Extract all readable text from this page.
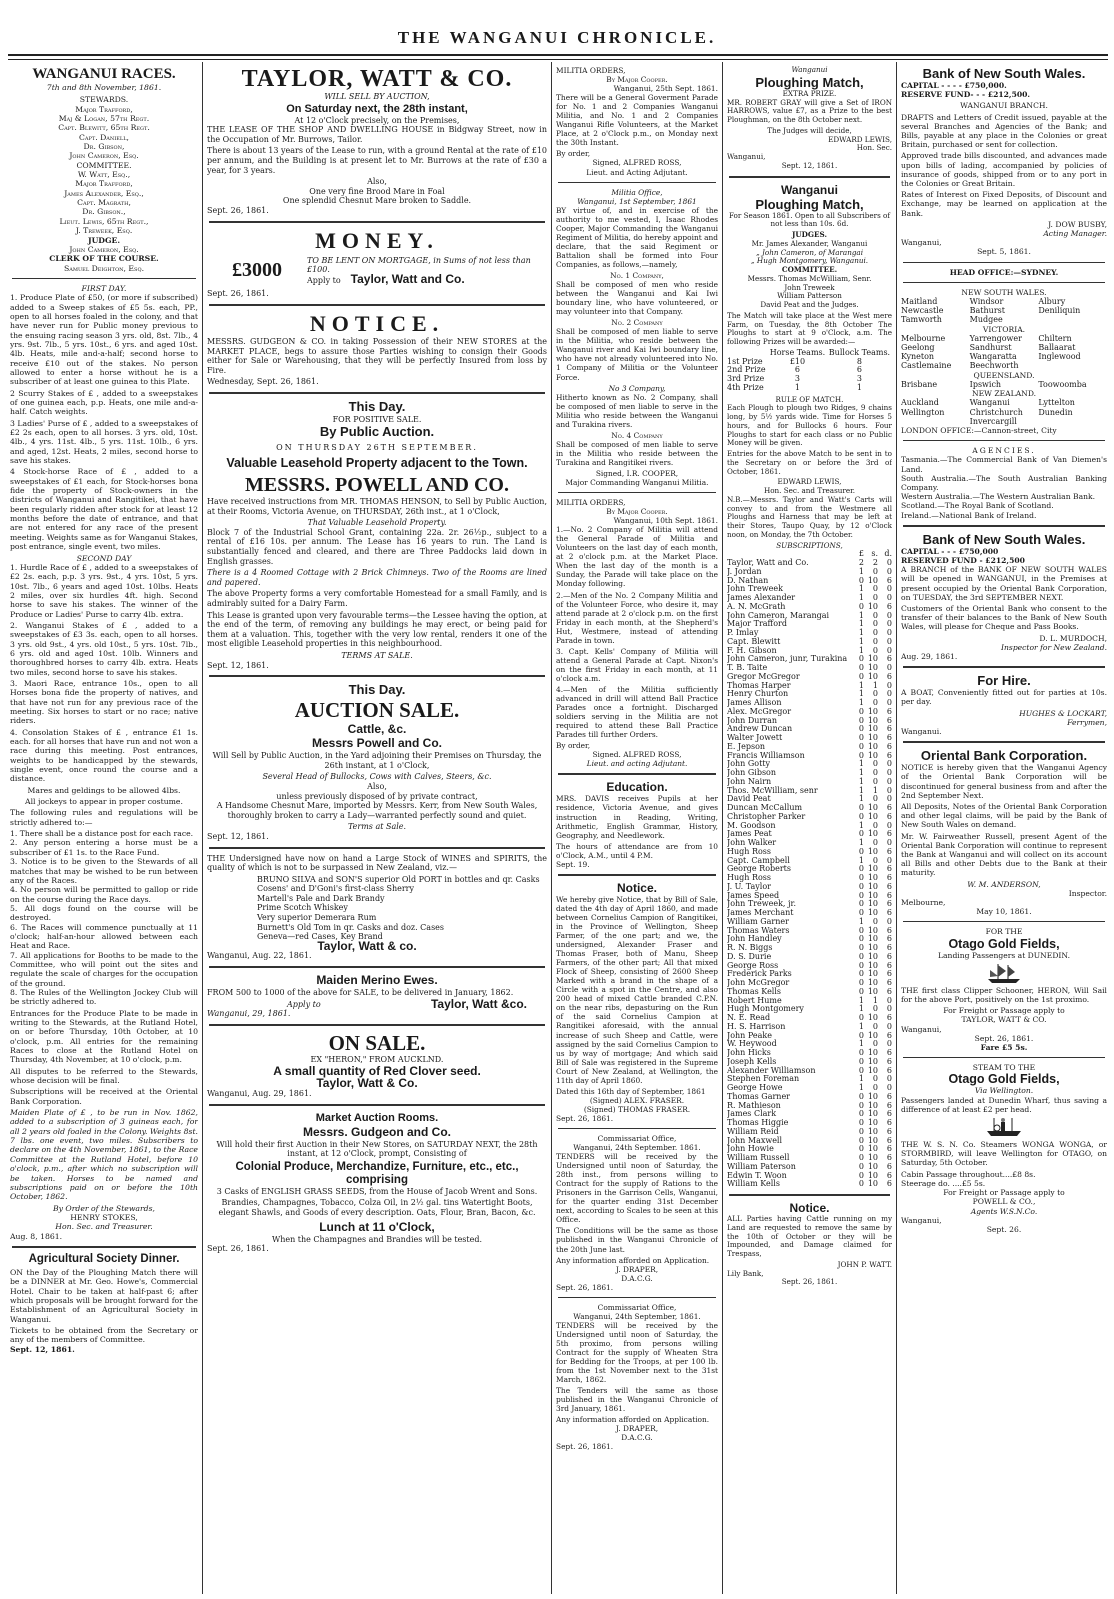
THE WANGANUI CHRONICLE.
WANGANUI RACES.
7th and 8th November, 1861.
STEWARDS.
Major Trafford,
Maj & Logan, 57th Regt.
Capt. Blewitt, 65th Regt.
Capt. Daniell,
Dr. Gibson,
John Cameron, Esq.
COMMITTEE.
W. Watt, Esq.,
Major Trafford,
James Alexander, Esq.,
Capt. Magrath,
Dr. Gibson.,
Lieut. Lewis, 65th Regt.,
J. Treweek, Esq.
JUDGE.
John Cameron, Esq.
CLERK OF THE COURSE.
Samuel Deighton, Esq.
FIRST DAY.
1. Produce Plate of £50, (or more if subscribed) added to a Sweep stakes of £5 5s. each, PP., open to all horses foaled in the colony, and that have never run for Public money previous to the ensuing racing season 3 yrs. old, 8st. 7lb., 4 yrs. 9st. 7lb., 5 yrs. 10st., 6 yrs. and aged 10st. 4lb. Heats, mile and-a-half; second horse to receive £10 out of the stakes. No person allowed to enter a horse without he is a subscriber of at least one guinea to this Plate.
2 Scurry Stakes of £ , added to a sweepstakes of one guinea each, p.p. Heats, one mile and-a-half. Catch weights.
3 Ladies' Purse of £ , added to a sweepstakes of £2 2s each, open to all horses. 3 yrs. old, 10st. 4lb., 4 yrs. 11st. 4lb., 5 yrs. 11st. 10lb., 6 yrs. and aged, 12st. Heats, 2 miles, second horse to save his stakes.
4 Stock-horse Race of £ , added to a sweepstakes of £1 each, for Stock-horses bona fide the property of Stock-owners in the districts of Wanganui and Rangitikei, that have been regularly ridden after stock for at least 12 months before the date of entrance, and that are not entered for any race of the present meeting. Weights same as for Wanganui Stakes, post entrance, single event, two miles.
SECOND DAY
1. Hurdle Race of £ , added to a sweepstakes of £2 2s. each, p.p. 3 yrs. 9st., 4 yrs. 10st, 5 yrs. 10st. 7lb., 6 years and aged 10st. 10lbs. Heats 2 miles, over six hurdles 4ft. high. Second horse to save his stakes. The winner of the Produce or Ladies' Purse to carry 4lb. extra.
2. Wanganui Stakes of £ , added to a sweepstakes of £3 3s. each, open to all horses. 3 yrs. old 9st., 4 yrs. old 10st., 5 yrs. 10st. 7lb., 6 yrs. old and aged 10st. 10lb. Winners and thoroughbred horses to carry 4lb. extra. Heats two miles, second horse to save his stakes.
3. Maori Race, entrance 10s., open to all Horses bona fide the property of natives, and that have not run for any previous race of the meeting. Six horses to start or no race; native riders.
4. Consolation Stakes of £ , entrance £1 1s. each. for all horses that have run and not won a race during this meeting. Post entrances, weights to be handicapped by the stewards, single event, once round the course and a distance.
Mares and geldings to be allowed 4lbs.
All jockeys to appear in proper costume.
The following rules and regulations will be strictly adhered to:—
1. There shall be a distance post for each race.
2. Any person entering a horse must be a subscriber of £1 1s. to the Race Fund.
3. Notice is to be given to the Stewards of all matches that may be wished to be run between any of the Races.
4. No person will be permitted to gallop or ride on the course during the Race days.
5. All dogs found on the course will be destroyed.
6. The Races will commence punctually at 11 o'clock; half-an-hour allowed between each Heat and Race.
7. All applications for Booths to be made to the Committee, who will point out the sites and regulate the scale of charges for the occupation of the ground.
8. The Rules of the Wellington Jockey Club will be strictly adhered to.
Entrances for the Produce Plate to be made in writing to the Stewards, at the Rutland Hotel, on or before Thursday, 10th October, at 10 o'clock, p.m. All entries for the remaining Races to close at the Rutland Hotel on Thursday, 4th November, at 10 o'clock, p.m.
All disputes to be referred to the Stewards, whose decision will be final.
Subscriptions will be received at the Oriental Bank Corporation.
Maiden Plate of £ , to be run in Nov. 1862, added to a subscription of 3 guineas each, for all 2 years old foaled in the Colony. Weights 8st. 7 lbs. one event, two miles. Subscribers to declare on the 4th November, 1861, to the Race Committee at the Rutland Hotel, before 10 o'clock, p.m., after which no subscription will be taken. Horses to be named and subscriptions paid on or before the 10th October, 1862.
By Order of the Stewards,
HENRY STOKES,
Hon. Sec. and Treasurer.
Aug. 8, 1861.
Agricultural Society Dinner.
ON the Day of the Ploughing Match there will be a DINNER at Mr. Geo. Howe's, Commercial Hotel. Chair to be taken at half-past 6; after which proposals will be brought forward for the Establishment of an Agricultural Society in Wanganui.
Tickets to be obtained from the Secretary or any of the members of Committee.
Sept. 12, 1861.
TAYLOR, WATT & CO.
WILL SELL BY AUCTION,
On Saturday next, the 28th instant,
At 12 o'Clock precisely, on the Premises,
THE LEASE OF THE SHOP AND DWELLING HOUSE in Bidgway Street, now in the Occupation of Mr. Burrows, Tailor.
There is about 13 years of the Lease to run, with a ground Rental at the rate of £10 per annum, and the Building is at present let to Mr. Burrows at the rate of £30 a year, for 3 years.
Also,
One very fine Brood Mare in Foal
One splendid Chesnut Mare broken to Saddle.
Sept. 26, 1861.
MONEY.
£3000	TO BE LENT ON MORTGAGE, in Sums of not less than £100.
Apply to Taylor, Watt and Co.
Sept. 26, 1861.
NOTICE.
MESSRS. GUDGEON & CO. in taking Possession of their NEW STORES at the MARKET PLACE, begs to assure those Parties wishing to consign their Goods either for Sale or Warehousing, that they will be perfectly Insured from loss by Fire.
Wednesday, Sept. 26, 1861.
This Day.
FOR POSITIVE SALE.
By Public Auction.
ON THURSDAY 26TH SEPTEMBER.
Valuable Leasehold Property adjacent to the Town.
MESSRS. POWELL AND CO.
Have received instructions from MR. THOMAS HENSON, to Sell by Public Auction, at their Rooms, Victoria Avenue, on THURSDAY, 26th inst., at 1 o'Clock,
That Valuable Leasehold Property.
Block 7 of the Industrial School Grant, containing 22a. 2r. 26½p., subject to a rental of £16 10s. per annum. The Lease has 16 years to run. The Land is substantially fenced and cleared, and there are Three Paddocks laid down in English grasses.
There is a 4 Roomed Cottage with 2 Brick Chimneys. Two of the Rooms are lined and papered.
The above Property forms a very comfortable Homestead for a small Family, and is admirably suited for a Dairy Farm.
This Lease is granted upon very favourable terms—the Lessee having the option, at the end of the term, of removing any buildings he may erect, or being paid for them at a valuation. This, together with the very low rental, renders it one of the most eligible Leasehold properties in this neighbourhood.
TERMS AT SALE.
Sept. 12, 1861.
This Day.
AUCTION SALE.
Cattle, &c.
Messrs Powell and Co.
Will Sell by Public Auction, in the Yard adjoining their Premises on Thursday, the 26th instant, at 1 o'Clock,
Several Head of Bullocks, Cows with Calves, Steers, &c.
Also,
unless previously disposed of by private contract,
A Handsome Chesnut Mare, imported by Messrs. Kerr, from New South Wales, thoroughly broken to carry a Lady—warranted perfectly sound and quiet.
Terms at Sale.
Sept. 12, 1861.
THE Undersigned have now on hand a Large Stock of WINES and SPIRITS, the quality of which is not to be surpassed in New Zealand, viz.—
BRUNO SILVA and SON'S superior Old PORT in bottles and qr. Casks
Cosens' and D'Goni's first-class Sherry
Martell's Pale and Dark Brandy
Prime Scotch Whiskey
Very superior Demerara Rum
Burnett's Old Tom in qr. Casks and doz. Cases
Geneva—red Cases, Key Brand
Taylor, Watt & co.
Wanganui, Aug. 22, 1861.
Maiden Merino Ewes.
FROM 500 to 1000 of the above for SALE, to be delivered in January, 1862.
Apply to	Taylor, Watt &co.
Wanganui, 29, 1861.
ON SALE.
EX "HERON," FROM AUCKLND.
A small quantity of Red Clover seed.
Taylor, Watt & Co.
Wanganui, Aug. 29, 1861.
Market Auction Rooms.
Messrs. Gudgeon and Co.
Will hold their first Auction in their New Stores, on SATURDAY NEXT, the 28th instant, at 12 o'Clock, prompt, Consisting of
Colonial Produce, Merchandize, Furniture, etc., etc., comprising
3 Casks of ENGLISH GRASS SEEDS, from the House of Jacob Wrent and Sons.
Brandies, Champagnes, Tobacco, Colza Oil, in 2½ gal. tins Watertight Boots, elegant Shawls, and Goods of every description. Oats, Flour, Bran, Bacon, &c.
Lunch at 11 o'Clock,
When the Champagnes and Brandies will be tested.
Sept. 26, 1861.
MILITIA ORDERS,
By Major Cooper.
Wanganui, 25th Sept. 1861.
There will be a General Goverment Parade for No. 1 and 2 Companies Wanganui Militia, and No. 1 and 2 Companies Wanganui Rifle Volunteers, at the Market Place, at 2 o'Clock p.m., on Monday next the 30th Instant.
By order,
Signed, ALFRED ROSS,
Lieut. and Acting Adjutant.
Militia Office,
Wanganui, 1st September, 1861
BY virtue of, and in exercise of the authority to me vested, I, Isaac Rhodes Cooper, Major Commanding the Wanganui Regiment of Militia, do hereby appoint and declare, that the said Regiment or Battalion shall be formed into Four Companies, as follows,—namely,
No. 1 Company,
Shall be composed of men who reside between the Wanganui and Kai Iwi boundary line, who have volunteered, or may volunteer into that Company.
No. 2 Company
Shall be composed of men liable to serve in the Militia, who reside between the Wanganui river and Kai Iwi boundary line, who have not already volunteered into No. 1 Company of Militia or the Volunteer Force.
No 3 Company,
Hitherto known as No. 2 Company, shall be composed of men liable to serve in the Militia who reside between the Wanganui and Turakina rivers.
No. 4 Company
Shall be composed of men liable to serve in the Militia who reside between the Turakina and Rangitikei rivers.
Signed, I.R. COOPER,
Major Commanding Wanganui Militia.
MILITIA ORDERS,
By Major Cooper.
Wanganui, 10th Sept. 1861.
1.—No. 2 Company of Militia will attend the General Parade of Militia and Volunteers on the last day of each month, at 2 o'clock p.m. at the Market Place. When the last day of the month is a Sunday, the Parade will take place on the Monday following.
2.—Men of the No. 2 Company Militia and of the Volunteer Force, who desire it, may attend parade at 2 o'clock p.m. on the first Friday in each month, at the Shepherd's Hut, Westmere, instead of attending Parade in town.
3. Capt. Kells' Company of Militia will attend a General Parade at Capt. Nixon's on the first Friday in each month, at 11 o'clock a.m.
4.—Men of the Militia sufficiently advanced in drill will attend Ball Practice Parades once a fortnight. Discharged soldiers serving in the Militia are not required to attend these Ball Practice Parades till further Orders.
By order,
Signed. ALFRED ROSS,
Lieut. and acting Adjutant.
Education.
MRS. DAVIS receives Pupils at her residence, Victoria Avenue, and gives instruction in Reading, Writing, Arithmetic, English Grammar, History, Geography, and Needlework.
The hours of attendance are from 10 o'Clock, A.M., until 4 P.M.
Sept. 19.
Notice.
We hereby give Notice, that by Bill of Sale, dated the 4th day of April 1860, and made between Cornelius Campion of Rangitikei, in the Province of Wellington, Sheep Farmer, of the one part; and we, the undersigned, Alexander Fraser and Thomas Fraser, both of Manu, Sheep Farmers, of the other part; All that mixed Flock of Sheep, consisting of 2600 Sheep Marked with a brand in the shape of a Circle with a spot in the Centre, and also 200 head of mixed Cattle branded C.P.N. on the near ribs, depasturing on the Run of the said Cornelius Campion at Rangitikei aforesaid, with the annual increase of such Sheep and Cattle, were assigned by the said Cornelius Campion to us by way of mortgage; And which said Bill of Sale was registered in the Supreme Court of New Zealand, at Wellington, the 11th day of April 1860.
Dated this 16th day of September, 1861
(Signed) ALEX. FRASER.
(Signed) THOMAS FRASER.
Sept. 26, 1861.
Commissariat Office,
Wanganui, 24th September. 1861.
TENDERS will be received by the Undersigned until noon of Saturday, the 28th inst., from persons willing to Contract for the supply of Rations to the Prisoners in the Garrison Cells, Wanganui, for the quarter ending 31st December next, according to Scales to be seen at this Office.
The Conditions will be the same as those published in the Wanganui Chronicle of the 20th June last.
Any information afforded on Application.
J. DRAPER,
D.A.C.G.
Sept. 26, 1861.
Commissariat Office,
Wanganui, 24th September, 1861.
TENDERS will be received by the Undersigned until noon of Saturday, the 5th proximo, from persons willing Contract for the supply of Wheaten Stra for Bedding for the Troops, at per 100 lb. from the 1st November next to the 31st March, 1862.
The Tenders will the same as those published in the Wanganui Chronicle of 3rd January, 1861.
Any information afforded on Application.
J. DRAPER,
D.A.C.G.
Sept. 26, 1861.
Wanganui
Ploughing Match,
EXTRA PRIZE.
MR. ROBERT GRAY will give a Set of IRON HARROWS, value £7, as a Prize to the best Ploughman, on the 8th October next.
The Judges will decide,
EDWARD LEWIS,
Hon. Sec.
Wanganui,
Sept. 12, 1861.
Wanganui
Ploughing Match,
For Season 1861. Open to all Subscribers of not less than 10s. 6d.
JUDGES.
Mr. James Alexander, Wanganui
„ John Cameron, of Marangai
„ Hugh Montgomery, Wanganui.
COMMITTEE.
Messrs. Thomas McWilliam, Senr.
John Treweek
William Patterson
David Peat and the Judges.
The Match will take place at the West mere Farm, on Tuesday, the 8th October The Ploughs to start at 9 o'Clock, a.m. The following Prizes will be awarded:—
	Horse Teams.	Bullock Teams.
1st Prize	£10	8
2nd Prize	6	6
3rd Prize	3	3
4th Prize	1	1
RULE OF MATCH.
Each Plough to plough two Ridges, 9 chains long, by 5½ yards wide. Time for Horses 5 hours, and for Bullocks 6 hours. Four Ploughs to start for each class or no Public Money will be given.
Entries for the above Match to be sent in to the Secretary on or before the 3rd of October, 1861.
EDWARD LEWIS,
Hon. Sec. and Treasurer.
N.B.—Messrs. Taylor and Watt's Carts will convey to and from the Westmere all Ploughs and Harness that may be left at their Stores, Taupo Quay, by 12 o'Clock noon, on Monday, the 7th October.
SUBSCRIPTIONS,
	£	s.	d.
Taylor, Watt and Co.	2	2	0
J. Jordan	1	0	0
D. Nathan	0	10	6
John Treweek	1	0	0
James Alexander	1	0	0
A. N. McGrath	0	10	6
John Cameron, Marangai	1	0	0
Major Trafford	1	0	0
P. Imlay	1	0	0
Capt. Blewitt	1	0	0
F. H. Gibson	1	0	0
John Cameron, junr, Turakina	0	10	6
T. B. Taite	0	10	0
Gregor McGregor	0	10	6
Thomas Harper	1	1	0
Henry Churton	1	0	0
James Allison	1	0	0
Alex. McGregor	0	10	6
John Durran	0	10	6
Andrew Duncan	0	10	6
Walter Jowett	0	10	6
E. Jepson	0	10	6
Francis Williamson	0	10	6
John Gotty	1	0	0
John Gibson	1	0	0
John Nairn	1	0	0
Thos. McWilliam, senr	1	1	0
David Peat	1	0	0
Duncan McCallum	0	10	6
Christopher Parker	0	10	6
M. Goodson	1	0	0
James Peat	0	10	6
John Walker	1	0	0
Hugh Ross	0	10	6
Capt. Campbell	1	0	0
George Roberts	0	10	6
Hugh Ross	0	10	6
J. U. Taylor	0	10	6
James Speed	0	10	6
John Treweek, jr.	0	10	6
James Merchant	0	10	6
William Garner	1	0	0
Thomas Waters	0	10	6
John Handley	0	10	6
R. N. Biggs	0	10	6
D. S. Durie	0	10	6
George Ross	0	10	6
Frederick Parks	0	10	6
John McGregor	0	10	6
Thomas Kells	0	10	6
Robert Hume	1	1	0
Hugh Montgomery	1	0	0
N. E. Read	0	10	6
H. S. Harrison	1	0	0
John Peake	0	10	6
W. Heywood	1	0	0
John Hicks	0	10	6
Joseph Kells	0	10	6
Alexander Williamson	0	10	6
Stephen Foreman	1	0	0
George Howe	1	0	0
Thomas Garner	0	10	6
R. Mathieson	0	10	6
James Clark	0	10	6
Thomas Higgie	0	10	6
William Reid	0	10	6
John Maxwell	0	10	6
John Howie	0	10	6
William Russell	0	10	6
William Paterson	0	10	6
Edwin T. Woon	0	10	6
William Kells	0	10	6
Notice.
ALL Parties having Cattle running on my Land are requested to remove the same by the 10th of October or they will be Impounded, and Damage claimed for Trespass,
JOHN P. WATT.
Lily Bank,
Sept. 26, 1861.
Bank of New South Wales.
CAPITAL - - - - £750,000.
RESERVE FUND- - - £212,500.
WANGANUI BRANCH.
DRAFTS and Letters of Credit issued, payable at the several Branches and Agencies of the Bank; and Bills, payable at any place in the Colonies or great Britain, purchased or sent for collection.
Approved trade bills discounted, and advances made upon bills of lading, accompanied by policies of insurance of goods, shipped from or to any port in the Colonies or Great Britain.
Rates of Interest on Fixed Deposits, of Discount and Exchange, may be learned on application at the Bank.
J. DOW BUSBY,
Acting Manager.
Wanganui,
Sept. 5, 1861.
HEAD OFFICE:—SYDNEY.
NEW SOUTH WALES.
Maitland	Windsor	Albury
Newcastle	Bathurst	Deniliquin
Tamworth	Mudgee	
VICTORIA.
Melbourne	Yarrengower	Chiltern
Geelong	Sandhurst	Ballaarat
Kyneton	Wangaratta	Inglewood
Castlemaine	Beechworth	
QUEENSLAND.
Brisbane	Ipswich	Toowoomba
NEW ZEALAND.
Auckland	Wanganui	Lyttelton
Wellington	Christchurch	Dunedin
	Invercargill	
LONDON OFFICE:—Cannon-street, City
AGENCIES.
Tasmania.—The Commercial Bank of Van Diemen's Land.
South Australia.—The South Australian Banking Company.
Western Australia.—The Western Australian Bank.
Scotland.—The Royal Bank of Scotland.
Ireland.—National Bank of Ireland.
Bank of New South Wales.
CAPITAL - - - £750,000
RESERVED FUND - £212,500
A BRANCH of the BANK OF NEW SOUTH WALES will be opened in WANGANUI, in the Premises at present occupied by the Oriental Bank Corporation, on TUESDAY, the 3rd SEPTEMBER NEXT.
Customers of the Oriental Bank who consent to the transfer of their balances to the Bank of New South Wales, will please for Cheque and Pass Books.
D. L. MURDOCH,
Inspector for New Zealand.
Aug. 29, 1861.
For Hire.
A BOAT, Conveniently fitted out for parties at 10s. per day.
HUGHES & LOCKART,
Ferrymen,
Wanganui.
Oriental Bank Corporation.
NOTICE is hereby given that the Wanganui Agency of the Oriental Bank Corporation will be discontinued for general business from and after the 2nd September Next.
All Deposits, Notes of the Oriental Bank Corporation and other legal claims, will be paid by the Bank of New South Wales on demand.
Mr. W. Fairweather Russell, present Agent of the Oriental Bank Corporation will continue to represent the Bank at Wanganui and will collect on its account all Bills and other Debts due to the Bank at their maturity.
W. M. ANDERSON,
Inspector.
Melbourne,
May 10, 1861.
FOR THE
Otago Gold Fields,
Landing Passengers at DUNEDIN.
THE first class Clipper Schooner, HERON, Will Sail for the above Port, positively on the 1st proximo.
For Freight or Passage apply to
TAYLOR, WATT & CO.
Wanganui,
Sept. 26, 1861.
Fare £5 5s.
STEAM TO THE
Otago Gold Fields,
Via Wellington.
Passengers landed at Dunedin Wharf, thus saving a difference of at least £2 per head.
THE W. S. N. Co. Steamers WONGA WONGA, or STORMBIRD, will leave Wellington for OTAGO, on Saturday, 5th October.
Cabin Passage throughout....£8 8s.
Steerage do. ....£5 5s.
For Freight or Passage apply to
POWELL & CO.,
Agents W.S.N.Co.
Wanganui,
Sept. 26.
